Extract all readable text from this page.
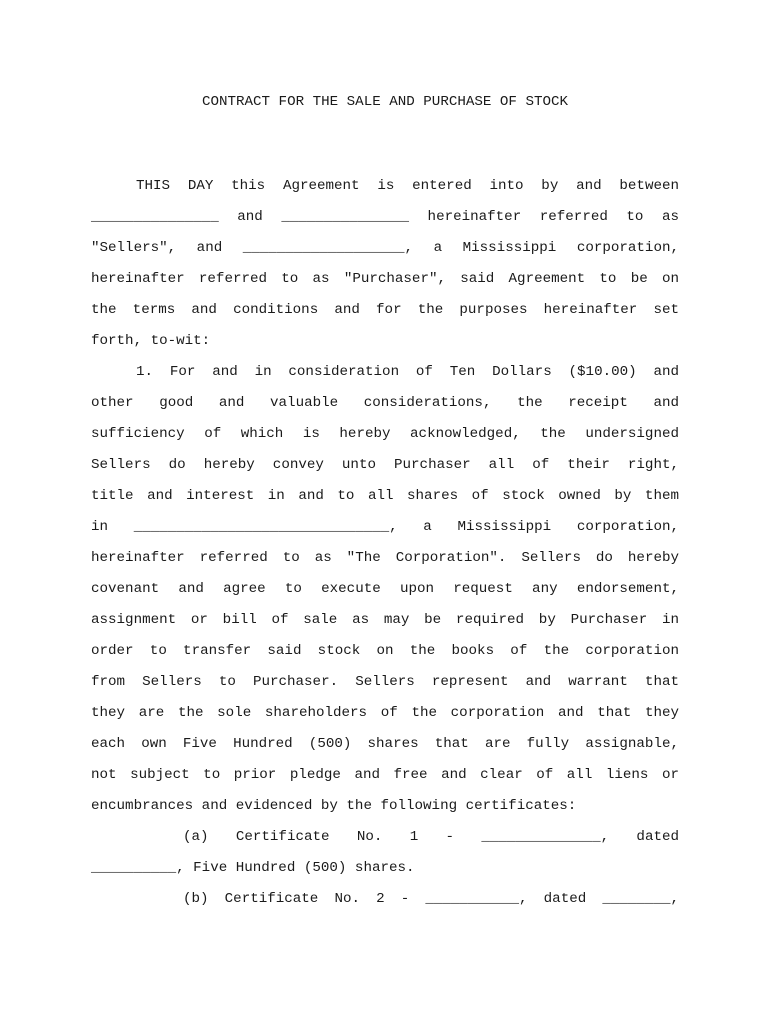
CONTRACT FOR THE SALE AND PURCHASE OF STOCK
THIS DAY this Agreement is entered into by and between
_______________ and _______________ hereinafter referred to as
"Sellers", and ___________________, a Mississippi corporation,
hereinafter referred to as "Purchaser", said Agreement to be on
the terms and conditions and for the purposes hereinafter set
forth, to-wit:
1. For and in consideration of Ten Dollars ($10.00) and
other good and valuable considerations, the receipt and
sufficiency of which is hereby acknowledged, the undersigned
Sellers do hereby convey unto Purchaser all of their right,
title and interest in and to all shares of stock owned by them
in ______________________________, a Mississippi corporation,
hereinafter referred to as "The Corporation". Sellers do hereby
covenant and agree to execute upon request any endorsement,
assignment or bill of sale as may be required by Purchaser in
order to transfer said stock on the books of the corporation
from Sellers to Purchaser. Sellers represent and warrant that
they are the sole shareholders of the corporation and that they
each own Five Hundred (500) shares that are fully assignable,
not subject to prior pledge and free and clear of all liens or
encumbrances and evidenced by the following certificates:
(a) Certificate No. 1 - ______________, dated
__________, Five Hundred (500) shares.
(b) Certificate No. 2 - ___________, dated ________,
